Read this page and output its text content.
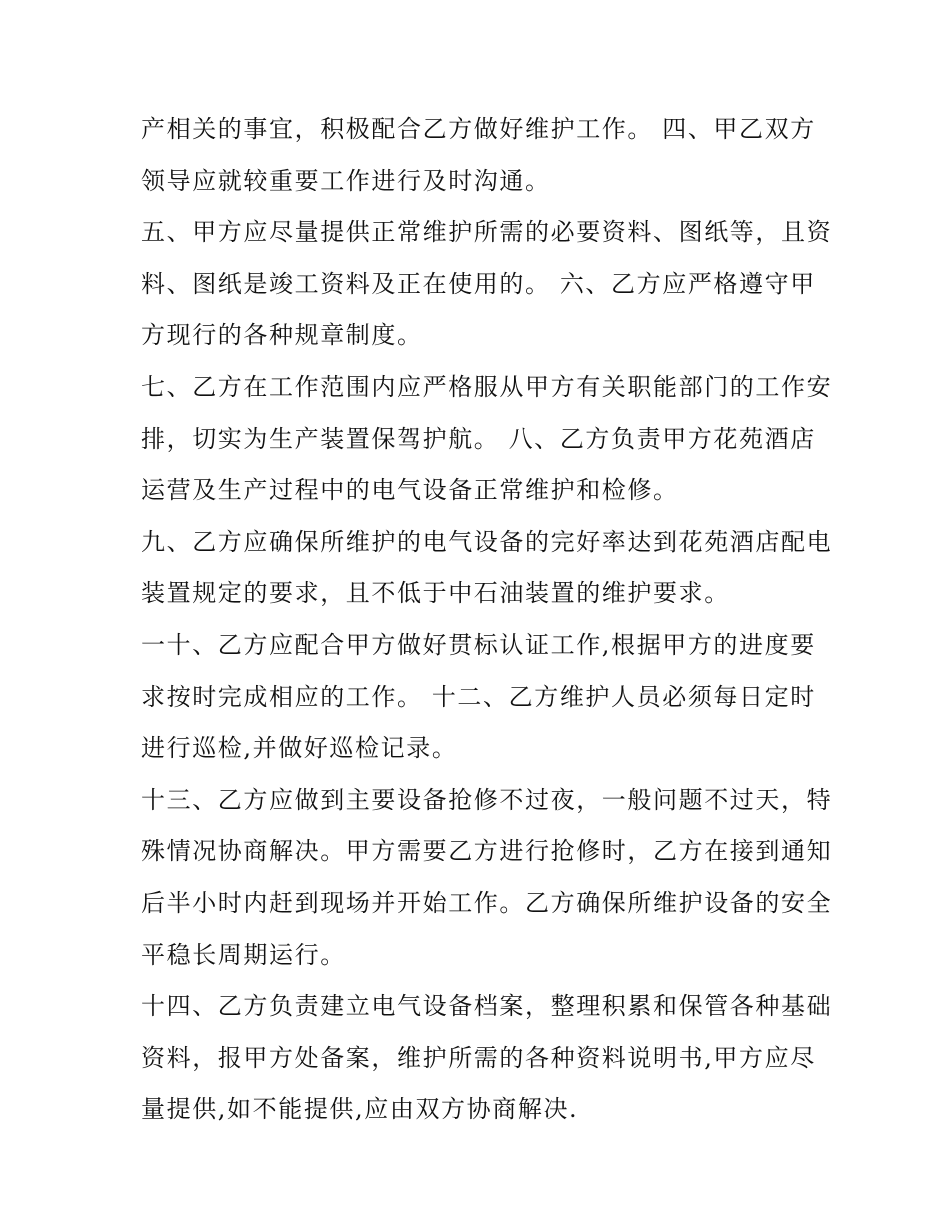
产相关的事宜，积极配合乙方做好维护工作。 四、甲乙双方
领导应就较重要工作进行及时沟通。
五、甲方应尽量提供正常维护所需的必要资料、图纸等，且资
料、图纸是竣工资料及正在使用的。 六、乙方应严格遵守甲
方现行的各种规章制度。
七、乙方在工作范围内应严格服从甲方有关职能部门的工作安
排，切实为生产装置保驾护航。 八、乙方负责甲方花苑酒店
运营及生产过程中的电气设备正常维护和检修。
九、乙方应确保所维护的电气设备的完好率达到花苑酒店配电
装置规定的要求，且不低于中石油装置的维护要求。
一十、乙方应配合甲方做好贯标认证工作,根据甲方的进度要
求按时完成相应的工作。 十二、乙方维护人员必须每日定时
进行巡检,并做好巡检记录。
十三、乙方应做到主要设备抢修不过夜，一般问题不过天，特
殊情况协商解决。甲方需要乙方进行抢修时，乙方在接到通知
后半小时内赶到现场并开始工作。乙方确保所维护设备的安全
平稳长周期运行。
十四、乙方负责建立电气设备档案，整理积累和保管各种基础
资料，报甲方处备案，维护所需的各种资料说明书,甲方应尽
量提供,如不能提供,应由双方协商解决.
